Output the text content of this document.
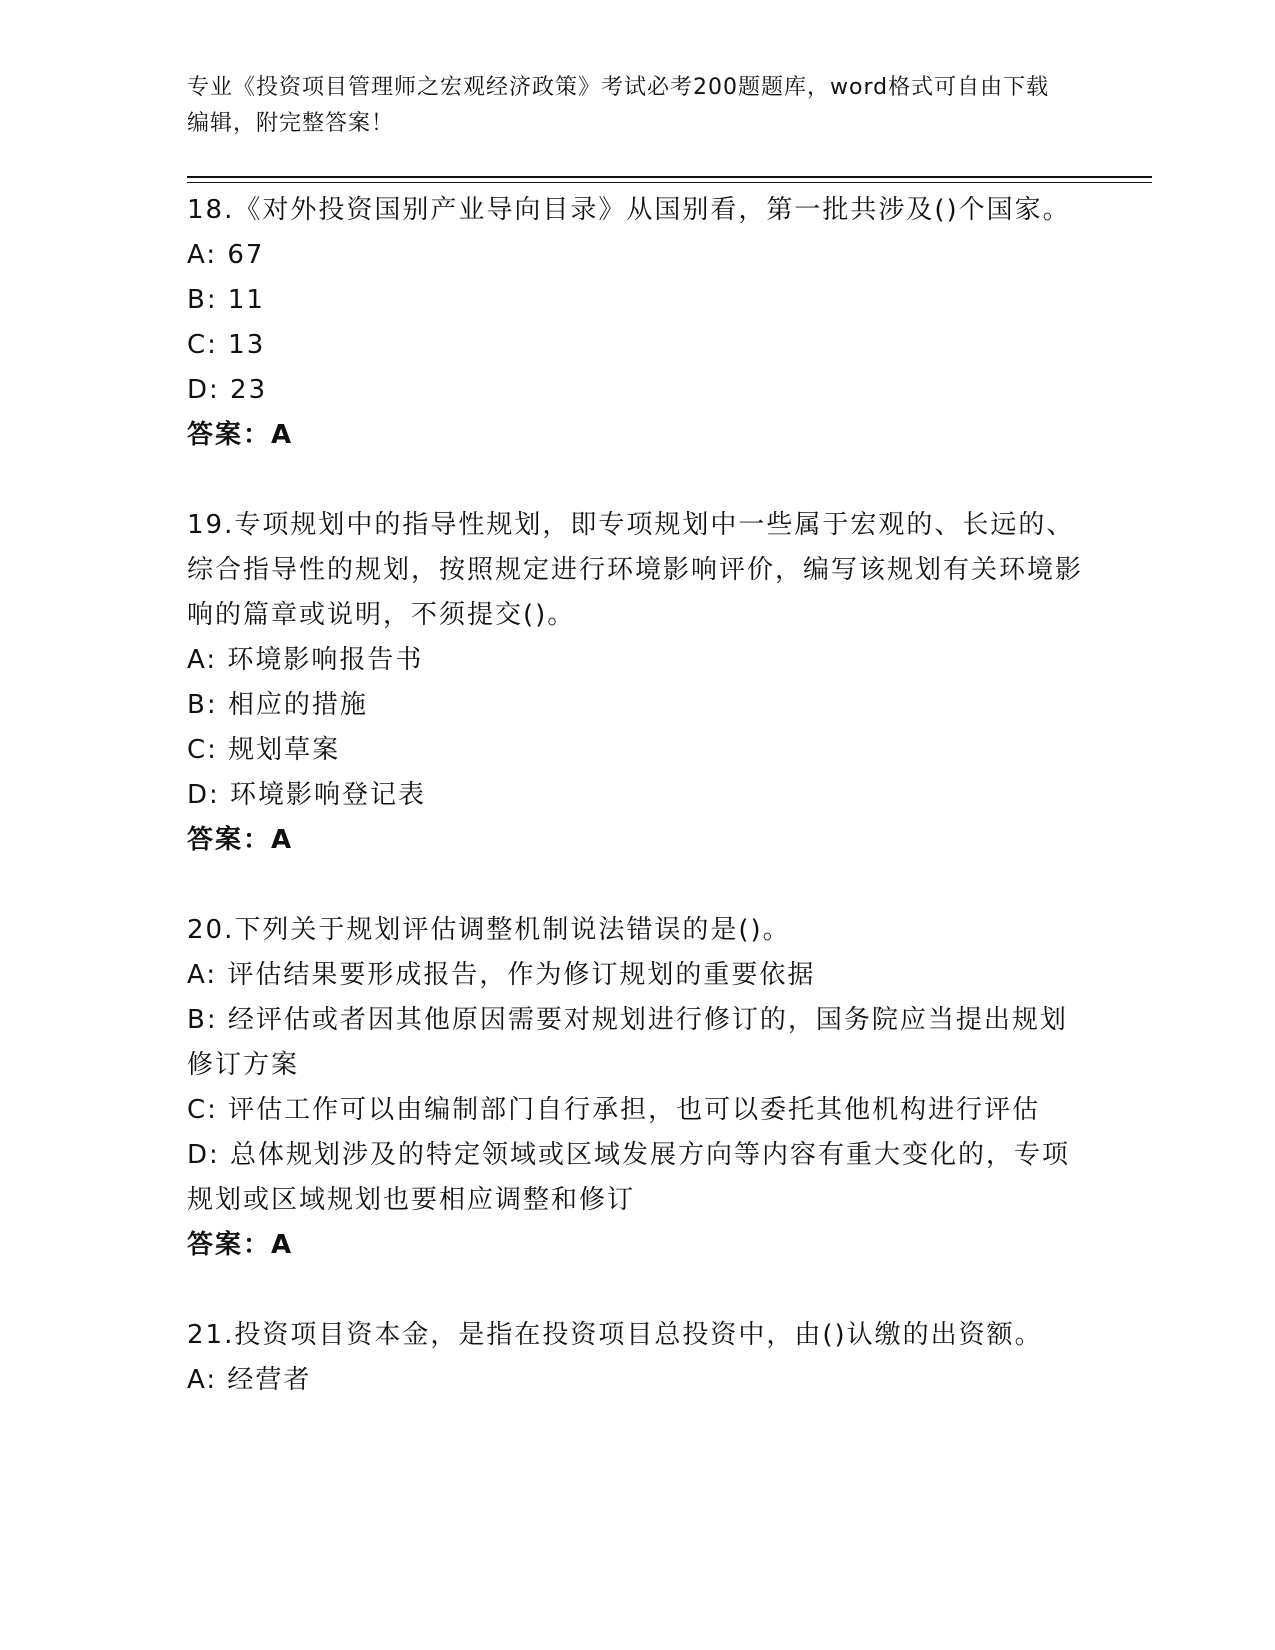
专业《投资项目管理师之宏观经济政策》考试必考200题题库，word格式可自由下载编辑，附完整答案！

18.《对外投资国别产业导向目录》从国别看，第一批共涉及()个国家。

A: 67

B: 11

C: 13

D: 23

答案：A

19.专项规划中的指导性规划，即专项规划中一些属于宏观的、长远的、综合指导性的规划，按照规定进行环境影响评价，编写该规划有关环境影响的篇章或说明，不须提交()。

A: 环境影响报告书

B: 相应的措施

C: 规划草案

D: 环境影响登记表

答案：A

20.下列关于规划评估调整机制说法错误的是()。

A: 评估结果要形成报告，作为修订规划的重要依据

B: 经评估或者因其他原因需要对规划进行修订的，国务院应当提出规划修订方案

C: 评估工作可以由编制部门自行承担，也可以委托其他机构进行评估

D: 总体规划涉及的特定领域或区域发展方向等内容有重大变化的，专项规划或区域规划也要相应调整和修订

答案：A

21.投资项目资本金，是指在投资项目总投资中，由()认缴的出资额。

A: 经营者
